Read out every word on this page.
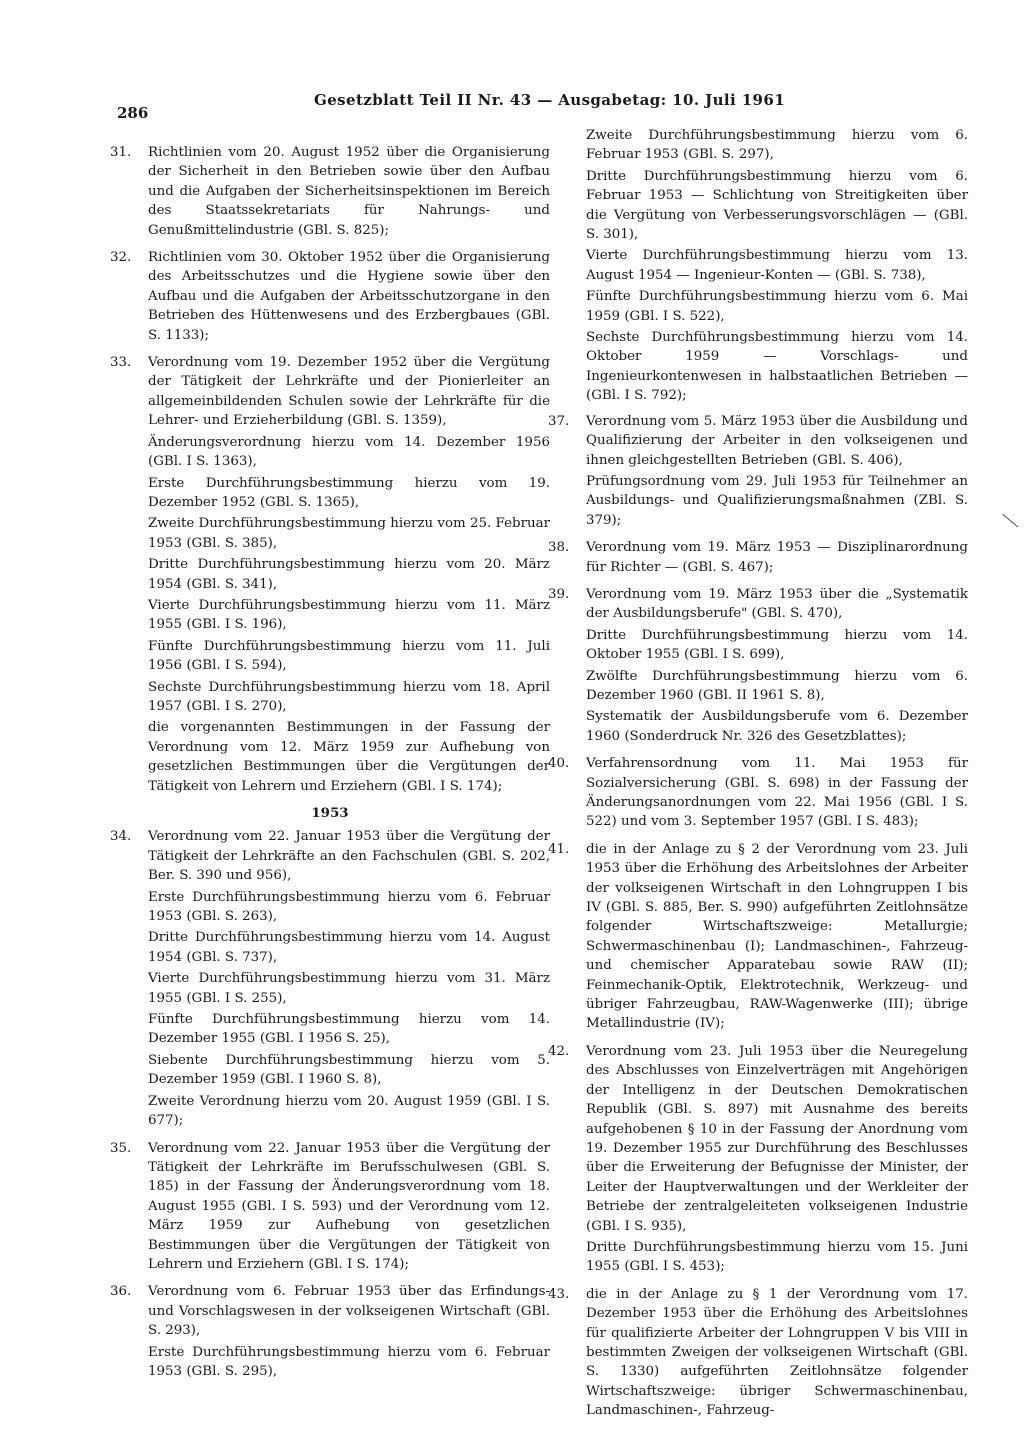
286
Gesetzblatt Teil II Nr. 43 — Ausgabetag: 10. Juli 1961
31.	Richtlinien vom 20. August 1952 über die Organisierung der Sicherheit in den Betrieben sowie über den Aufbau und die Aufgaben der Sicherheitsinspektionen im Bereich des Staatssekretariats für Nahrungs- und Genußmittelindustrie (GBl. S. 825);
32.	Richtlinien vom 30. Oktober 1952 über die Organisierung des Arbeitsschutzes und die Hygiene sowie über den Aufbau und die Aufgaben der Arbeitsschutzorgane in den Betrieben des Hüttenwesens und des Erzbergbaues (GBl. S. 1133);
33.	Verordnung vom 19. Dezember 1952 über die Vergütung der Tätigkeit der Lehrkräfte und der Pionierleiter an allgemeinbildenden Schulen sowie der Lehrkräfte für die Lehrer- und Erzieherbildung (GBl. S. 1359),
Änderungsverordnung hierzu vom 14. Dezember 1956 (GBl. I S. 1363),
Erste Durchführungsbestimmung hierzu vom 19. Dezember 1952 (GBl. S. 1365),
Zweite Durchführungsbestimmung hierzu vom 25. Februar 1953 (GBl. S. 385),
Dritte Durchführungsbestimmung hierzu vom 20. März 1954 (GBl. S. 341),
Vierte Durchführungsbestimmung hierzu vom 11. März 1955 (GBl. I S. 196),
Fünfte Durchführungsbestimmung hierzu vom 11. Juli 1956 (GBl. I S. 594),
Sechste Durchführungsbestimmung hierzu vom 18. April 1957 (GBl. I S. 270),
die vorgenannten Bestimmungen in der Fassung der Verordnung vom 12. März 1959 zur Aufhebung von gesetzlichen Bestimmungen über die Vergütungen der Tätigkeit von Lehrern und Erziehern (GBl. I S. 174);
1953
34.	Verordnung vom 22. Januar 1953 über die Vergütung der Tätigkeit der Lehrkräfte an den Fachschulen (GBl. S. 202, Ber. S. 390 und 956),
Erste Durchführungsbestimmung hierzu vom 6. Februar 1953 (GBl. S. 263),
Dritte Durchführungsbestimmung hierzu vom 14. August 1954 (GBl. S. 737),
Vierte Durchführungsbestimmung hierzu vom 31. März 1955 (GBl. I S. 255),
Fünfte Durchführungsbestimmung hierzu vom 14. Dezember 1955 (GBl. I 1956 S. 25),
Siebente Durchführungsbestimmung hierzu vom 5. Dezember 1959 (GBl. I 1960 S. 8),
Zweite Verordnung hierzu vom 20. August 1959 (GBl. I S. 677);
35.	Verordnung vom 22. Januar 1953 über die Vergütung der Tätigkeit der Lehrkräfte im Berufsschulwesen (GBl. S. 185) in der Fassung der Änderungsverordnung vom 18. August 1955 (GBl. I S. 593) und der Verordnung vom 12. März 1959 zur Aufhebung von gesetzlichen Bestimmungen über die Vergütungen der Tätigkeit von Lehrern und Erziehern (GBl. I S. 174);
36.	Verordnung vom 6. Februar 1953 über das Erfindungs- und Vorschlagswesen in der volkseigenen Wirtschaft (GBl. S. 293),
Erste Durchführungsbestimmung hierzu vom 6. Februar 1953 (GBl. S. 295),
Zweite Durchführungsbestimmung hierzu vom 6. Februar 1953 (GBl. S. 297),
Dritte Durchführungsbestimmung hierzu vom 6. Februar 1953 — Schlichtung von Streitigkeiten über die Vergütung von Verbesserungsvorschlägen — (GBl. S. 301),
Vierte Durchführungsbestimmung hierzu vom 13. August 1954 — Ingenieur-Konten — (GBl. S. 738),
Fünfte Durchführungsbestimmung hierzu vom 6. Mai 1959 (GBl. I S. 522),
Sechste Durchführungsbestimmung hierzu vom 14. Oktober 1959 — Vorschlags- und Ingenieurkontenwesen in halbstaatlichen Betrieben — (GBl. I S. 792);
37.	Verordnung vom 5. März 1953 über die Ausbildung und Qualifizierung der Arbeiter in den volkseigenen und ihnen gleichgestellten Betrieben (GBl. S. 406),
Prüfungsordnung vom 29. Juli 1953 für Teilnehmer an Ausbildungs- und Qualifizierungsmaßnahmen (ZBl. S. 379);
38.	Verordnung vom 19. März 1953 — Disziplinarordnung für Richter — (GBl. S. 467);
39.	Verordnung vom 19. März 1953 über die „Systematik der Ausbildungsberufe" (GBl. S. 470),
Dritte Durchführungsbestimmung hierzu vom 14. Oktober 1955 (GBl. I S. 699),
Zwölfte Durchführungsbestimmung hierzu vom 6. Dezember 1960 (GBl. II 1961 S. 8),
Systematik der Ausbildungsberufe vom 6. Dezember 1960 (Sonderdruck Nr. 326 des Gesetzblattes);
40.	Verfahrensordnung vom 11. Mai 1953 für Sozialversicherung (GBl. S. 698) in der Fassung der Änderungsanordnungen vom 22. Mai 1956 (GBl. I S. 522) und vom 3. September 1957 (GBl. I S. 483);
41.	die in der Anlage zu § 2 der Verordnung vom 23. Juli 1953 über die Erhöhung des Arbeitslohnes der Arbeiter der volkseigenen Wirtschaft in den Lohngruppen I bis IV (GBl. S. 885, Ber. S. 990) aufgeführten Zeitlohnsätze folgender Wirtschaftszweige: Metallurgie; Schwermaschinenbau (I); Landmaschinen-, Fahrzeug- und chemischer Apparatebau sowie RAW (II); Feinmechanik-Optik, Elektrotechnik, Werkzeug- und übriger Fahrzeugbau, RAW-Wagenwerke (III); übrige Metallindustrie (IV);
42.	Verordnung vom 23. Juli 1953 über die Neuregelung des Abschlusses von Einzelverträgen mit Angehörigen der Intelligenz in der Deutschen Demokratischen Republik (GBl. S. 897) mit Ausnahme des bereits aufgehobenen § 10 in der Fassung der Anordnung vom 19. Dezember 1955 zur Durchführung des Beschlusses über die Erweiterung der Befugnisse der Minister, der Leiter der Hauptverwaltungen und der Werkleiter der Betriebe der zentralgeleiteten volkseigenen Industrie (GBl. I S. 935),
Dritte Durchführungsbestimmung hierzu vom 15. Juni 1955 (GBl. I S. 453);
43.	die in der Anlage zu § 1 der Verordnung vom 17. Dezember 1953 über die Erhöhung des Arbeitslohnes für qualifizierte Arbeiter der Lohngruppen V bis VIII in bestimmten Zweigen der volkseigenen Wirtschaft (GBl. S. 1330) aufgeführten Zeitlohnsätze folgender Wirtschaftszweige: übriger Schwermaschinenbau, Landmaschinen-, Fahrzeug-
